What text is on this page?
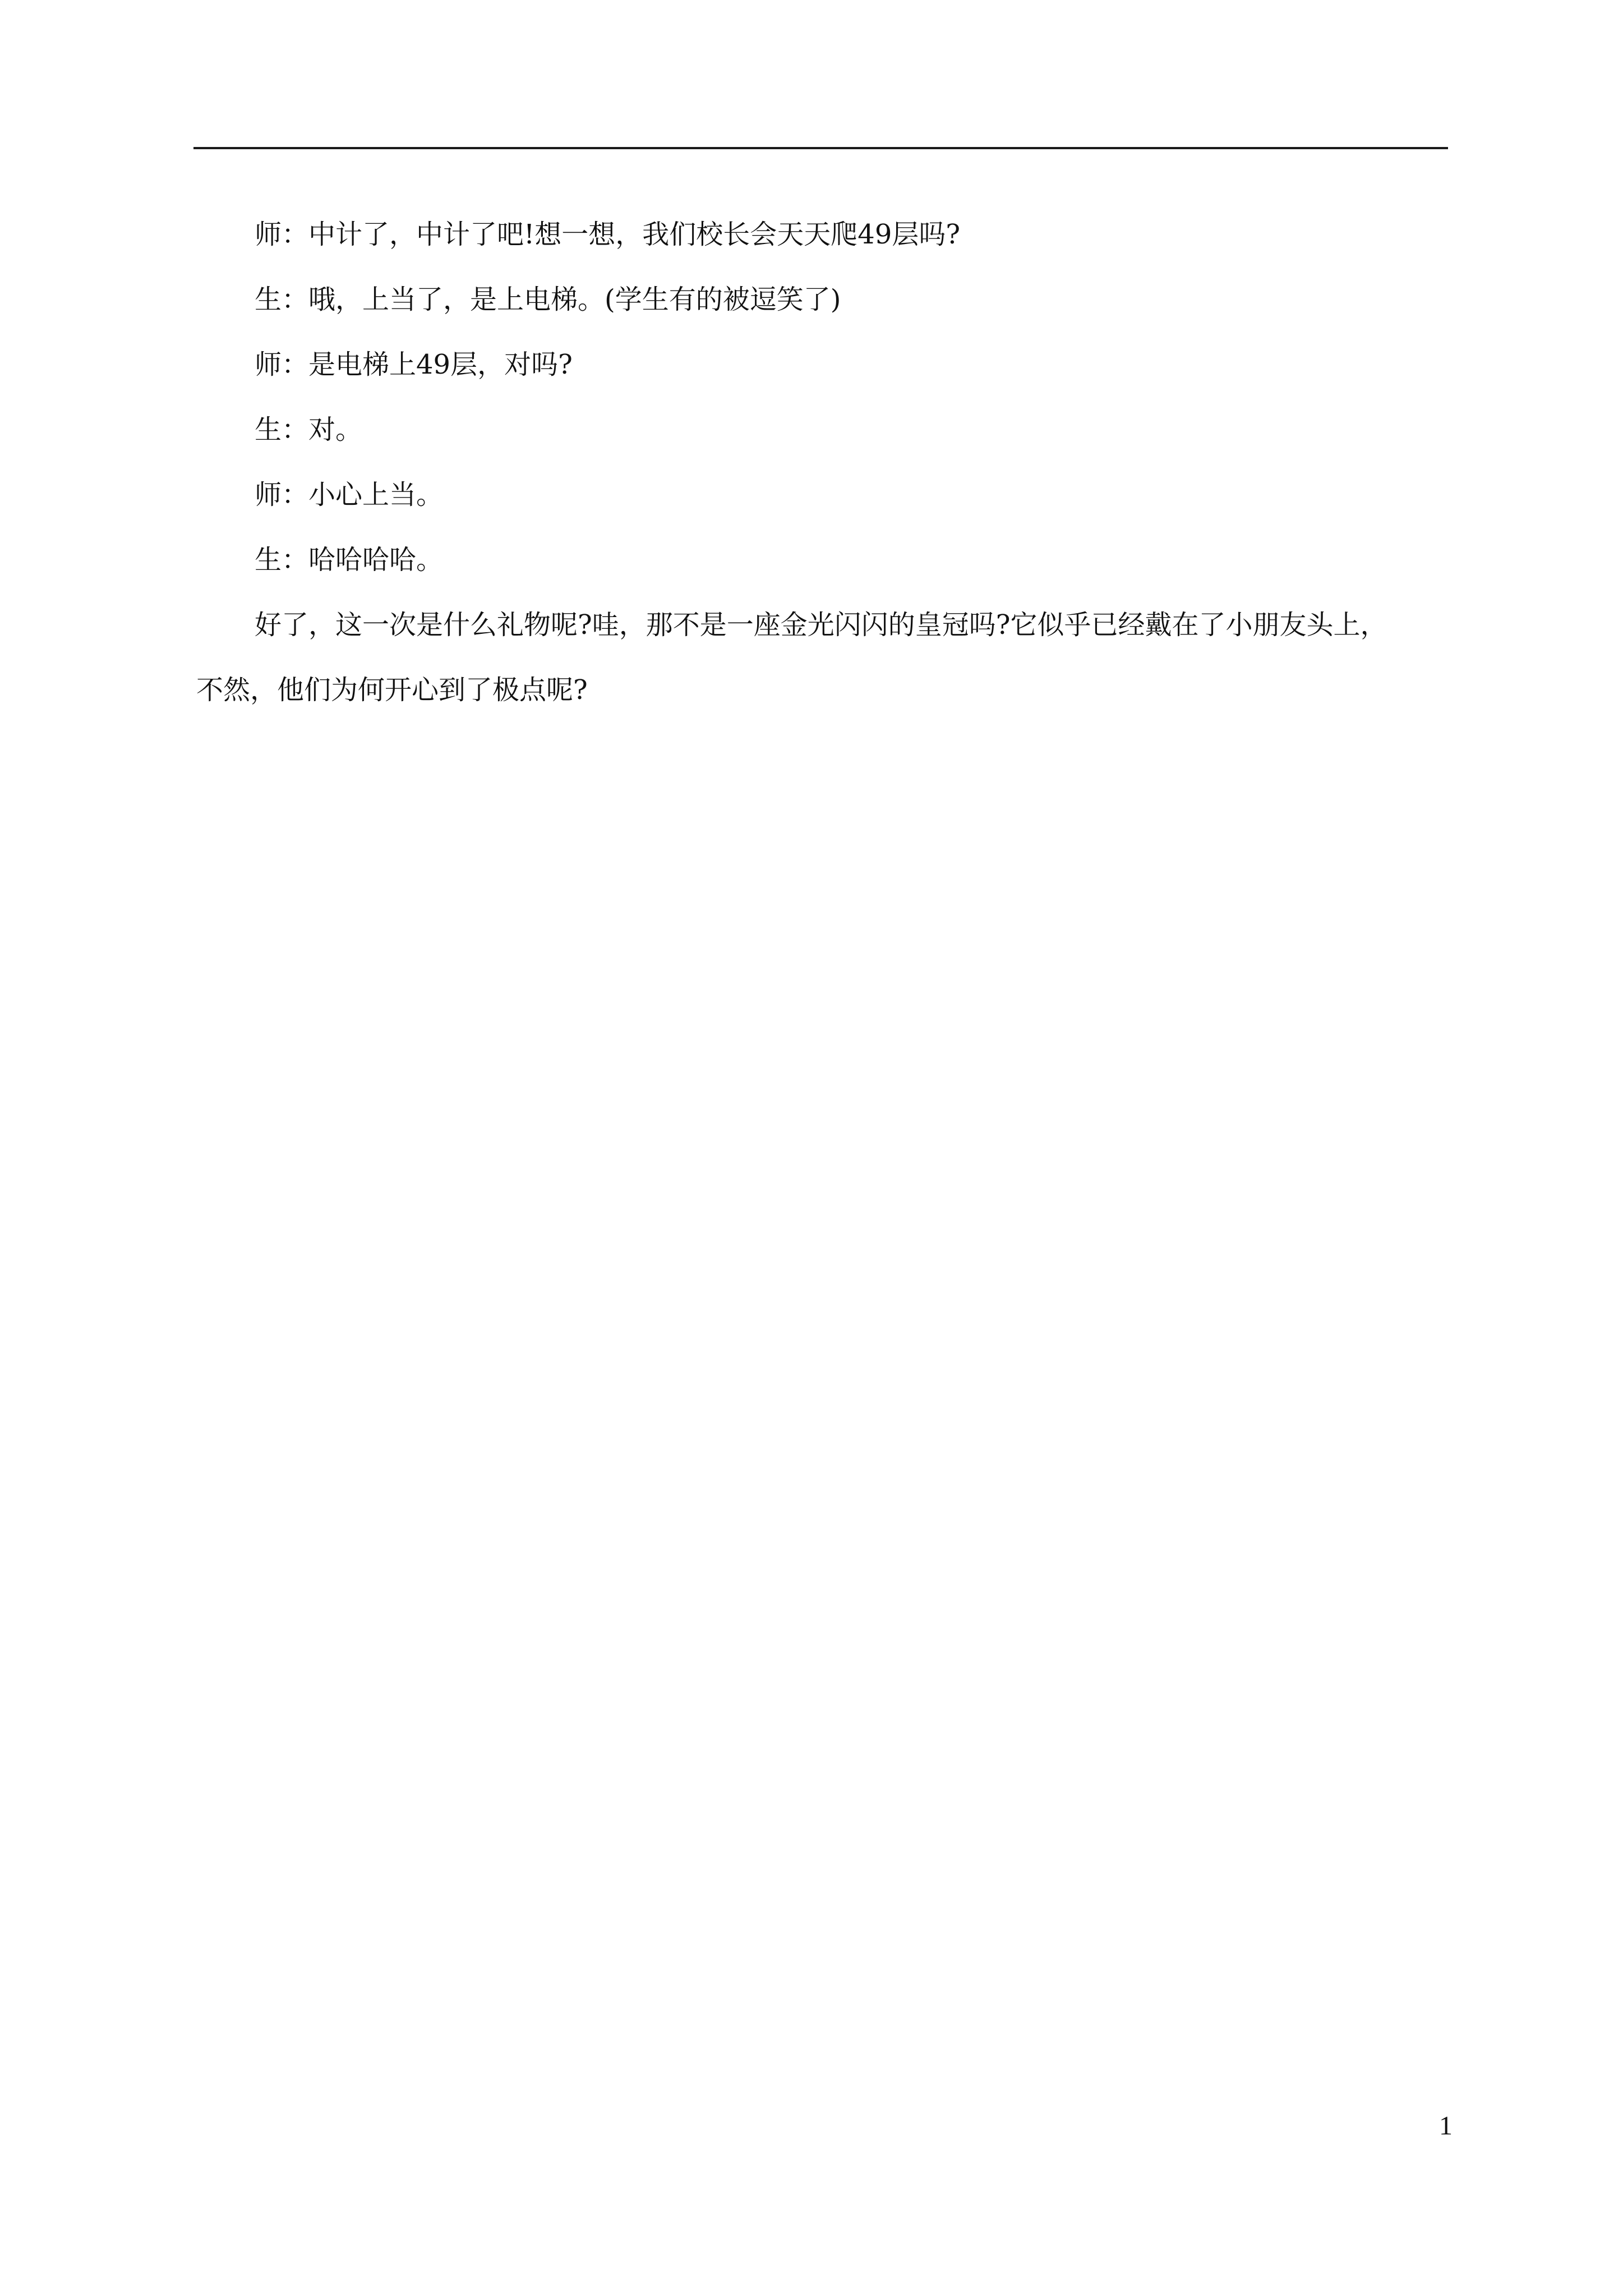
师：中计了，中计了吧!想一想，我们校长会天天爬49层吗?
生：哦，上当了，是上电梯。(学生有的被逗笑了)
师：是电梯上49层，对吗?
生：对。
师：小心上当。
生：哈哈哈哈。
好了，这一次是什么礼物呢?哇，那不是一座金光闪闪的皇冠吗?它似乎已经戴在了小朋友头上，
不然，他们为何开心到了极点呢?
1
